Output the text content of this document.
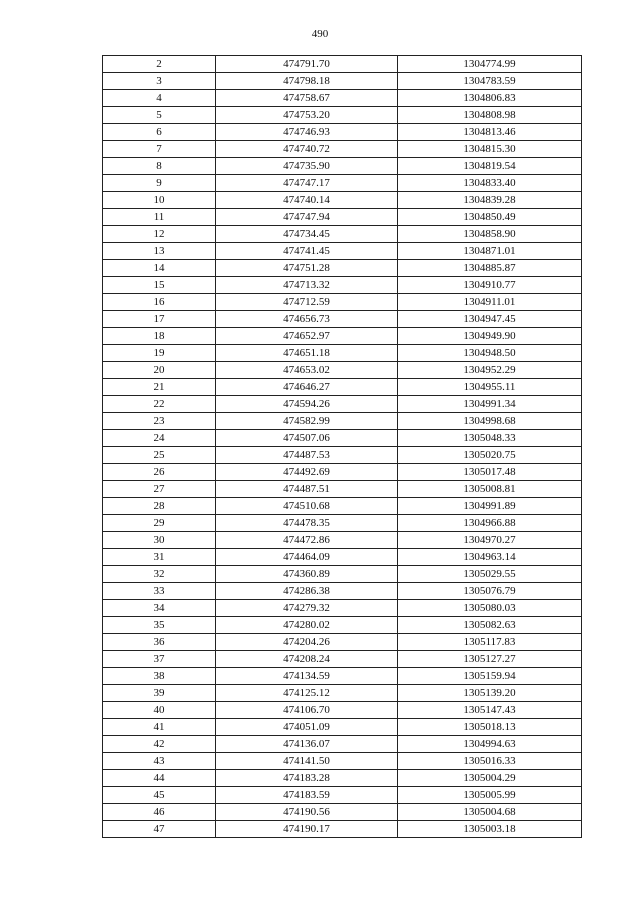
490
2	474791.70	1304774.99
3	474798.18	1304783.59
4	474758.67	1304806.83
5	474753.20	1304808.98
6	474746.93	1304813.46
7	474740.72	1304815.30
8	474735.90	1304819.54
9	474747.17	1304833.40
10	474740.14	1304839.28
11	474747.94	1304850.49
12	474734.45	1304858.90
13	474741.45	1304871.01
14	474751.28	1304885.87
15	474713.32	1304910.77
16	474712.59	1304911.01
17	474656.73	1304947.45
18	474652.97	1304949.90
19	474651.18	1304948.50
20	474653.02	1304952.29
21	474646.27	1304955.11
22	474594.26	1304991.34
23	474582.99	1304998.68
24	474507.06	1305048.33
25	474487.53	1305020.75
26	474492.69	1305017.48
27	474487.51	1305008.81
28	474510.68	1304991.89
29	474478.35	1304966.88
30	474472.86	1304970.27
31	474464.09	1304963.14
32	474360.89	1305029.55
33	474286.38	1305076.79
34	474279.32	1305080.03
35	474280.02	1305082.63
36	474204.26	1305117.83
37	474208.24	1305127.27
38	474134.59	1305159.94
39	474125.12	1305139.20
40	474106.70	1305147.43
41	474051.09	1305018.13
42	474136.07	1304994.63
43	474141.50	1305016.33
44	474183.28	1305004.29
45	474183.59	1305005.99
46	474190.56	1305004.68
47	474190.17	1305003.18
